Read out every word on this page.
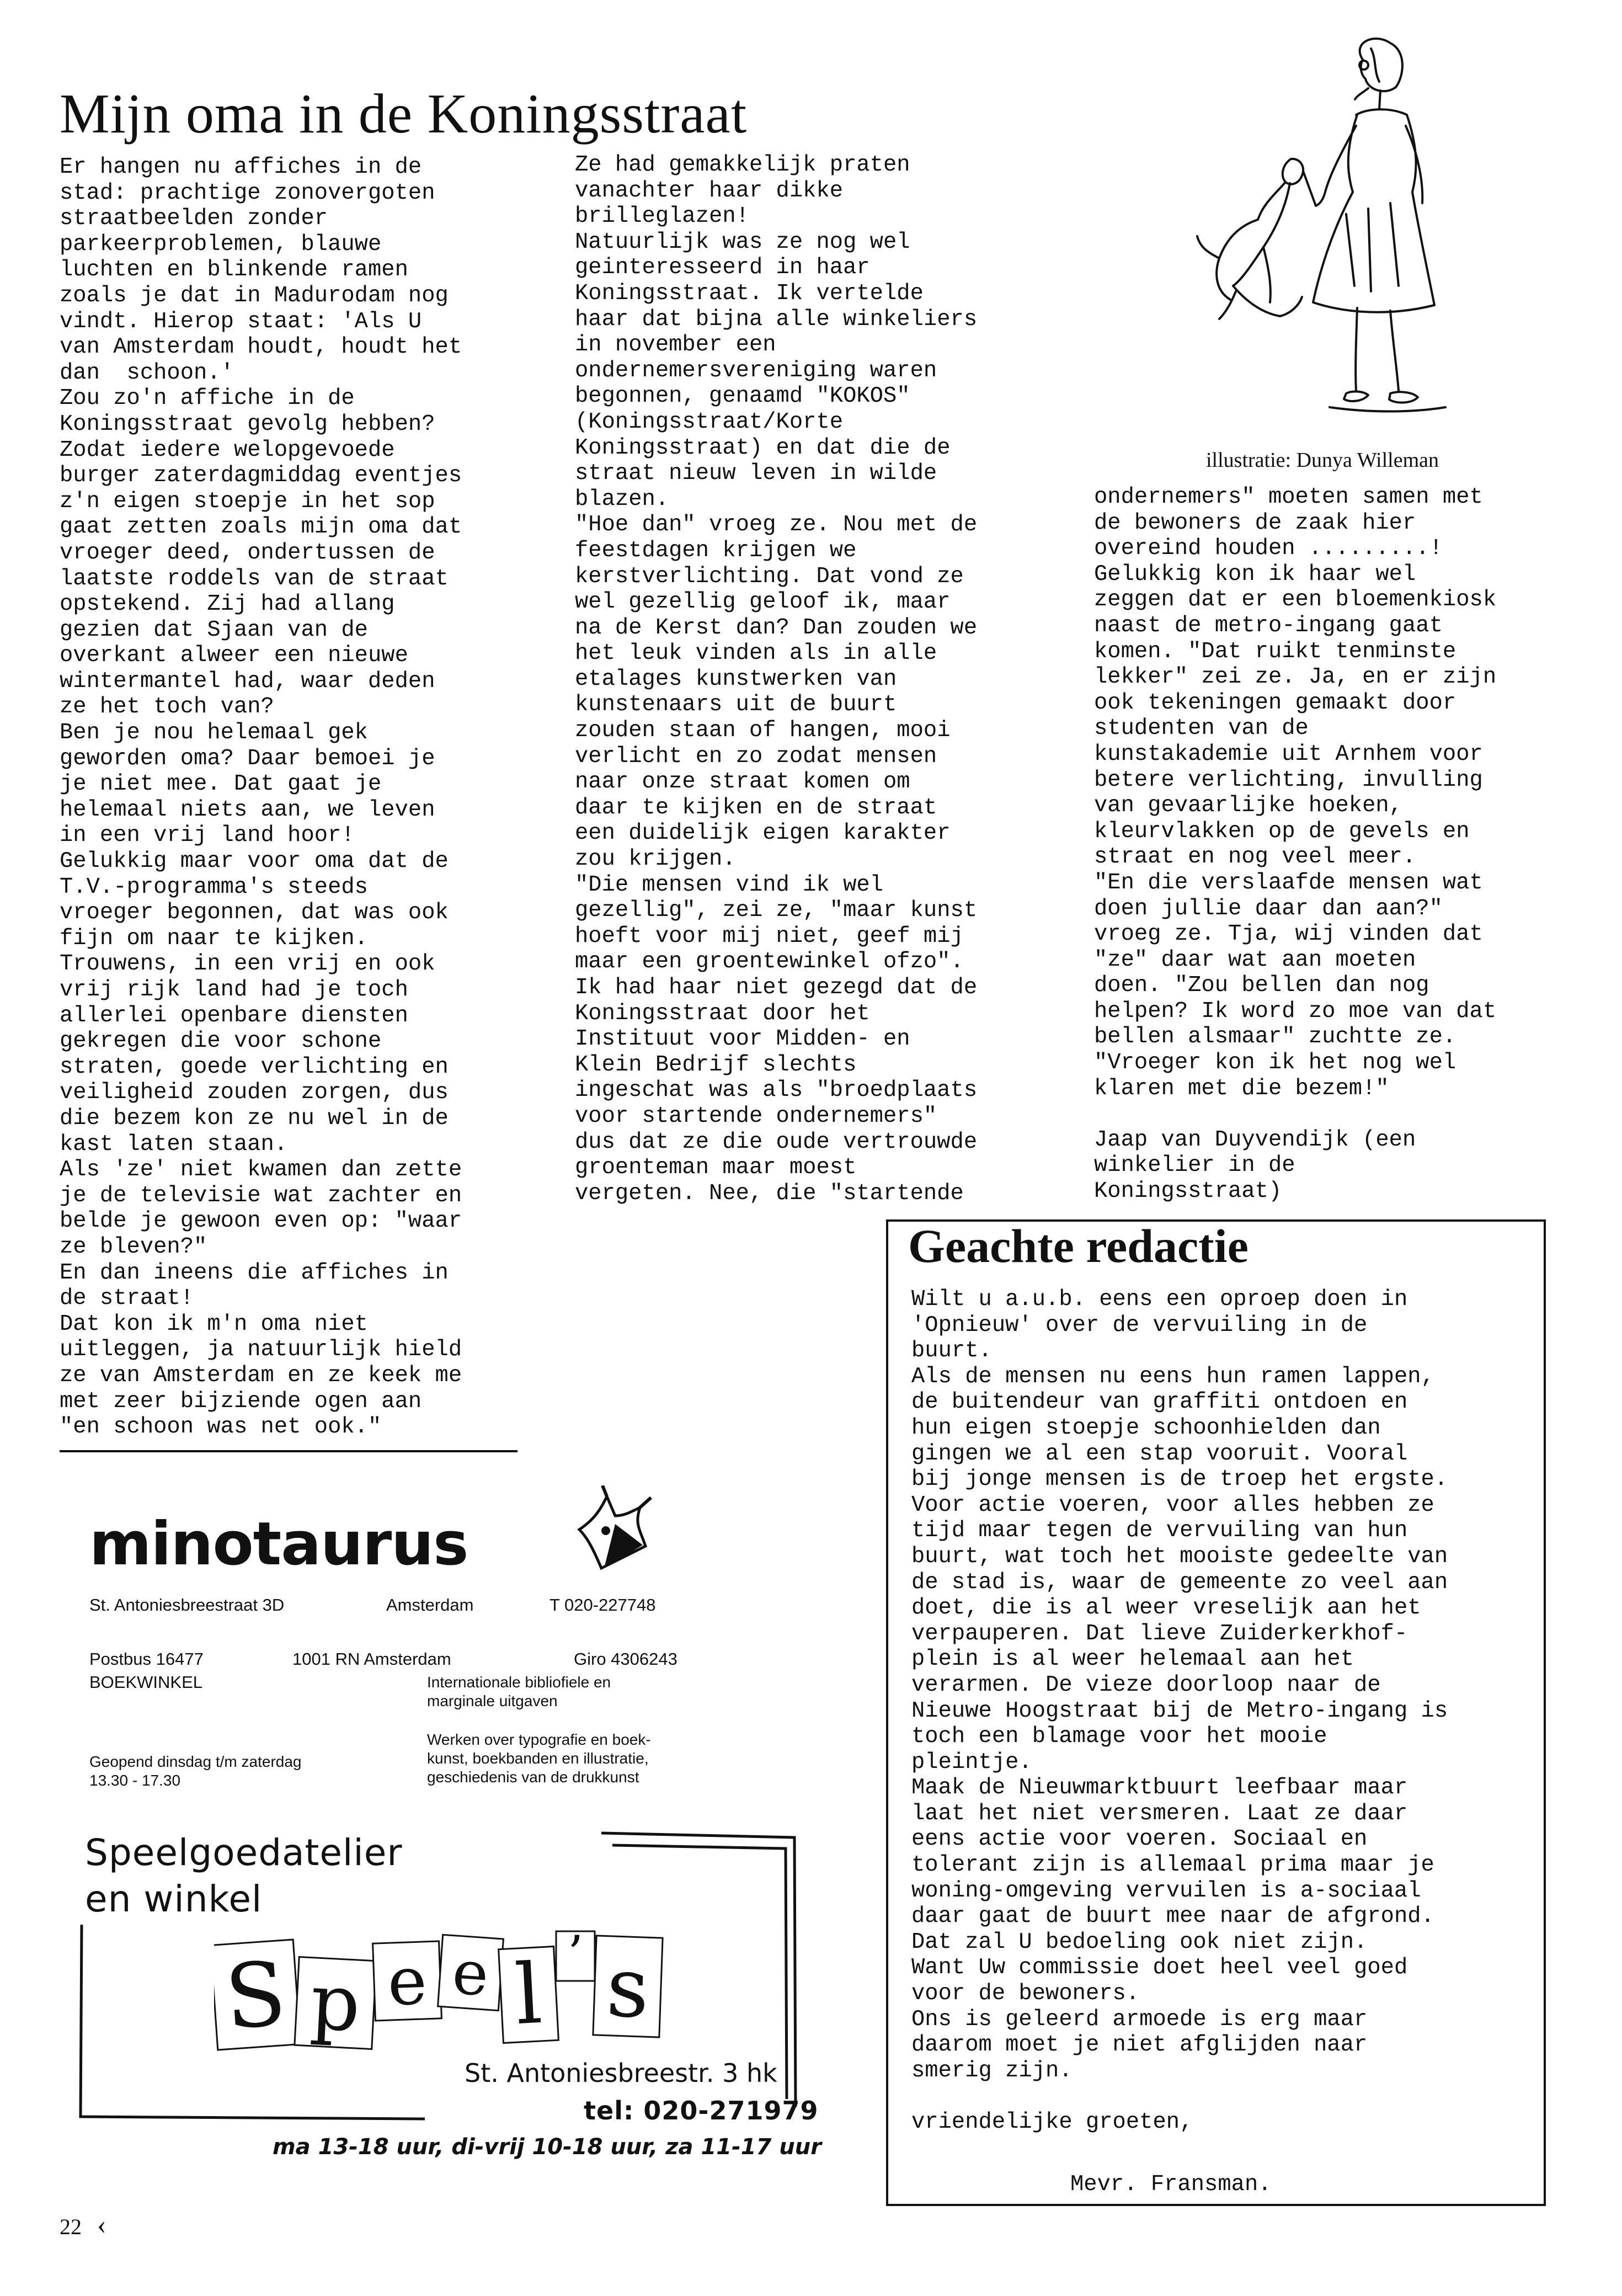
Mijn oma in de Koningsstraat

Er hangen nu affiches in de
stad: prachtige zonovergoten
straatbeelden zonder
parkeerproblemen, blauwe
luchten en blinkende ramen
zoals je dat in Madurodam nog
vindt. Hierop staat: 'Als U
van Amsterdam houdt, houdt het
dan  schoon.'
Zou zo'n affiche in de
Koningsstraat gevolg hebben?
Zodat iedere welopgevoede
burger zaterdagmiddag eventjes
z'n eigen stoepje in het sop
gaat zetten zoals mijn oma dat
vroeger deed, ondertussen de
laatste roddels van de straat
opstekend. Zij had allang
gezien dat Sjaan van de
overkant alweer een nieuwe
wintermantel had, waar deden
ze het toch van?
Ben je nou helemaal gek
geworden oma? Daar bemoei je
je niet mee. Dat gaat je
helemaal niets aan, we leven
in een vrij land hoor!
Gelukkig maar voor oma dat de
T.V.-programma's steeds
vroeger begonnen, dat was ook
fijn om naar te kijken.
Trouwens, in een vrij en ook
vrij rijk land had je toch
allerlei openbare diensten
gekregen die voor schone
straten, goede verlichting en
veiligheid zouden zorgen, dus
die bezem kon ze nu wel in de
kast laten staan.
Als 'ze' niet kwamen dan zette
je de televisie wat zachter en
belde je gewoon even op: "waar
ze bleven?"
En dan ineens die affiches in
de straat!
Dat kon ik m'n oma niet
uitleggen, ja natuurlijk hield
ze van Amsterdam en ze keek me
met zeer bijziende ogen aan
"en schoon was net ook."

Ze had gemakkelijk praten
vanachter haar dikke
brilleglazen!
Natuurlijk was ze nog wel
geinteresseerd in haar
Koningsstraat. Ik vertelde
haar dat bijna alle winkeliers
in november een
ondernemersvereniging waren
begonnen, genaamd "KOKOS"
(Koningsstraat/Korte
Koningsstraat) en dat die de
straat nieuw leven in wilde
blazen.
"Hoe dan" vroeg ze. Nou met de
feestdagen krijgen we
kerstverlichting. Dat vond ze
wel gezellig geloof ik, maar
na de Kerst dan? Dan zouden we
het leuk vinden als in alle
etalages kunstwerken van
kunstenaars uit de buurt
zouden staan of hangen, mooi
verlicht en zo zodat mensen
naar onze straat komen om
daar te kijken en de straat
een duidelijk eigen karakter
zou krijgen.
"Die mensen vind ik wel
gezellig", zei ze, "maar kunst
hoeft voor mij niet, geef mij
maar een groentewinkel ofzo".
Ik had haar niet gezegd dat de
Koningsstraat door het
Instituut voor Midden- en
Klein Bedrijf slechts
ingeschat was als "broedplaats
voor startende ondernemers"
dus dat ze die oude vertrouwde
groenteman maar moest
vergeten. Nee, die "startende

ondernemers" moeten samen met
de bewoners de zaak hier
overeind houden .........!
Gelukkig kon ik haar wel
zeggen dat er een bloemenkiosk
naast de metro-ingang gaat
komen. "Dat ruikt tenminste
lekker" zei ze. Ja, en er zijn
ook tekeningen gemaakt door
studenten van de
kunstakademie uit Arnhem voor
betere verlichting, invulling
van gevaarlijke hoeken,
kleurvlakken op de gevels en
straat en nog veel meer.
"En die verslaafde mensen wat
doen jullie daar dan aan?"
vroeg ze. Tja, wij vinden dat
"ze" daar wat aan moeten
doen. "Zou bellen dan nog
helpen? Ik word zo moe van dat
bellen alsmaar" zuchtte ze.
"Vroeger kon ik het nog wel
klaren met die bezem!"

Jaap van Duyvendijk (een
winkelier in de
Koningsstraat)

illustratie: Dunya Willeman
minotaurus
St. Antoniesbreestraat 3D	Amsterdam	T 020-227748
Postbus 16477	1001 RN Amsterdam	Giro 4306243
BOEKWINKEL	Internationale bibliofiele en
marginale uitgaven
Werken over typografie en boek-
kunst, boekbanden en illustratie,
geschiedenis van de drukkunst
Geopend dinsdag t/m zaterdag
13.30 - 17.30
Speelgoedatelier
en winkel
S p e e l ’ s
St. Antoniesbreestr. 3 hk
tel: 020-271979
ma 13-18 uur, di-vrij 10-18 uur, za 11-17 uur
Geachte redactie

Wilt u a.u.b. eens een oproep doen in
'Opnieuw' over de vervuiling in de
buurt.
Als de mensen nu eens hun ramen lappen,
de buitendeur van graffiti ontdoen en
hun eigen stoepje schoonhielden dan
gingen we al een stap vooruit. Vooral
bij jonge mensen is de troep het ergste.
Voor actie voeren, voor alles hebben ze
tijd maar tegen de vervuiling van hun
buurt, wat toch het mooiste gedeelte van
de stad is, waar de gemeente zo veel aan
doet, die is al weer vreselijk aan het
verpauperen. Dat lieve Zuiderkerkhof-
plein is al weer helemaal aan het
verarmen. De vieze doorloop naar de
Nieuwe Hoogstraat bij de Metro-ingang is
toch een blamage voor het mooie
pleintje.
Maak de Nieuwmarktbuurt leefbaar maar
laat het niet versmeren. Laat ze daar
eens actie voor voeren. Sociaal en
tolerant zijn is allemaal prima maar je
woning-omgeving vervuilen is a-sociaal
daar gaat de buurt mee naar de afgrond.
Dat zal U bedoeling ook niet zijn.
Want Uw commissie doet heel veel goed
voor de bewoners.
Ons is geleerd armoede is erg maar
daarom moet je niet afglijden naar
smerig zijn.

vriendelijke groeten,

Mevr. Fransman.
22 ‹
